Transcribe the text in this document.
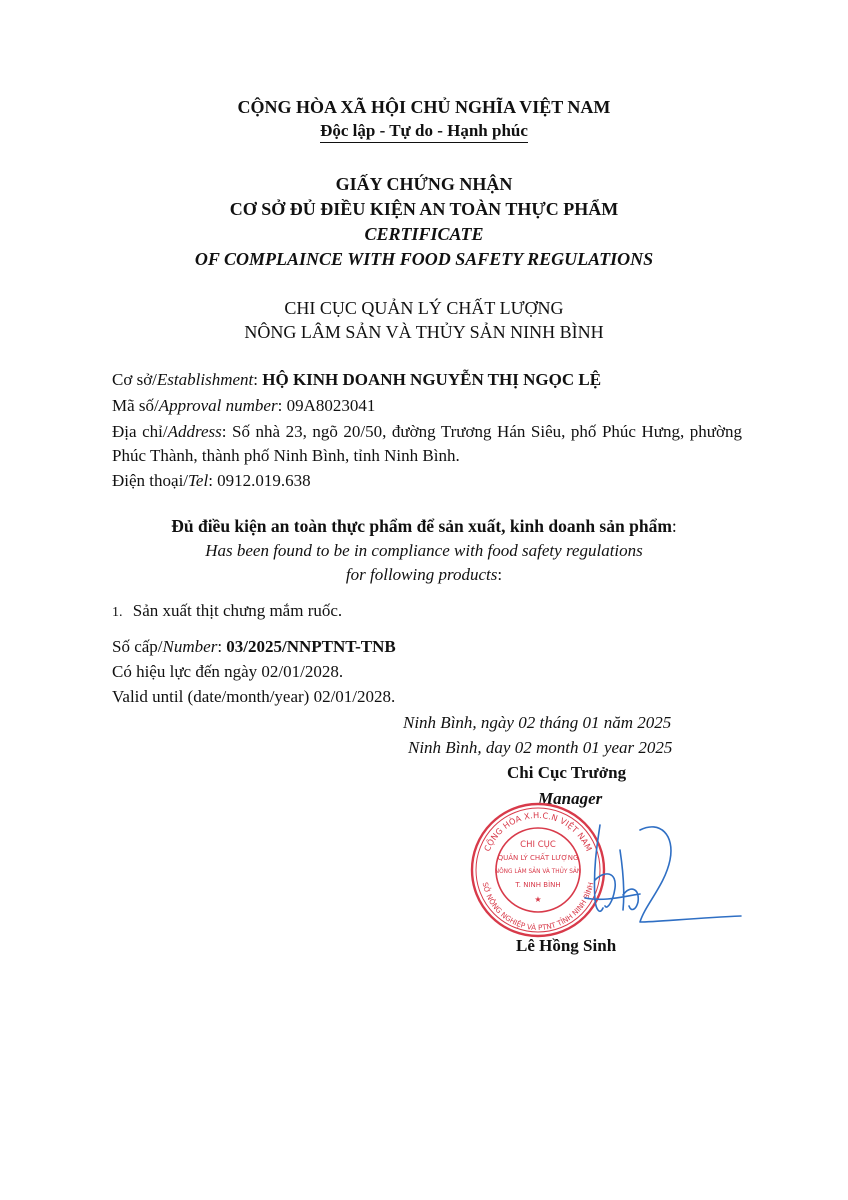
CỘNG HÒA XÃ HỘI CHỦ NGHĨA VIỆT NAM
Độc lập - Tự do - Hạnh phúc
GIẤY CHỨNG NHẬN
CƠ SỞ ĐỦ ĐIỀU KIỆN AN TOÀN THỰC PHẨM
CERTIFICATE
OF COMPLAINCE WITH FOOD SAFETY REGULATIONS
CHI CỤC QUẢN LÝ CHẤT LƯỢNG
NÔNG LÂM SẢN VÀ THỦY SẢN NINH BÌNH
Cơ sở/Establishment: HỘ KINH DOANH NGUYỄN THỊ NGỌC LỆ
Mã số/Approval number: 09A8023041
Địa chỉ/Address: Số nhà 23, ngõ 20/50, đường Trương Hán Siêu, phố Phúc Hưng, phường Phúc Thành, thành phố Ninh Bình, tỉnh Ninh Bình.
Điện thoại/Tel: 0912.019.638
Đủ điều kiện an toàn thực phẩm để sản xuất, kinh doanh sản phẩm:
Has been found to be in compliance with food safety regulations
for following products:
1. Sản xuất thịt chưng mắm ruốc.
Số cấp/Number: 03/2025/NNPTNT-TNB
Có hiệu lực đến ngày 02/01/2028.
Valid until (date/month/year) 02/01/2028.
Ninh Bình, ngày 02 tháng 01 năm 2025
Ninh Bình, day 02 month 01 year 2025
Chi Cục Trưởng
Manager
CỘNG HÒA X.H.C.N VIỆT NAM
SỞ NÔNG NGHIỆP VÀ PTNT TỈNH NINH BÌNH
CHI CỤC
QUẢN LÝ CHẤT LƯỢNG
NÔNG LÂM SẢN VÀ THỦY SẢN
T. NINH BÌNH
★
Lê Hồng Sinh
